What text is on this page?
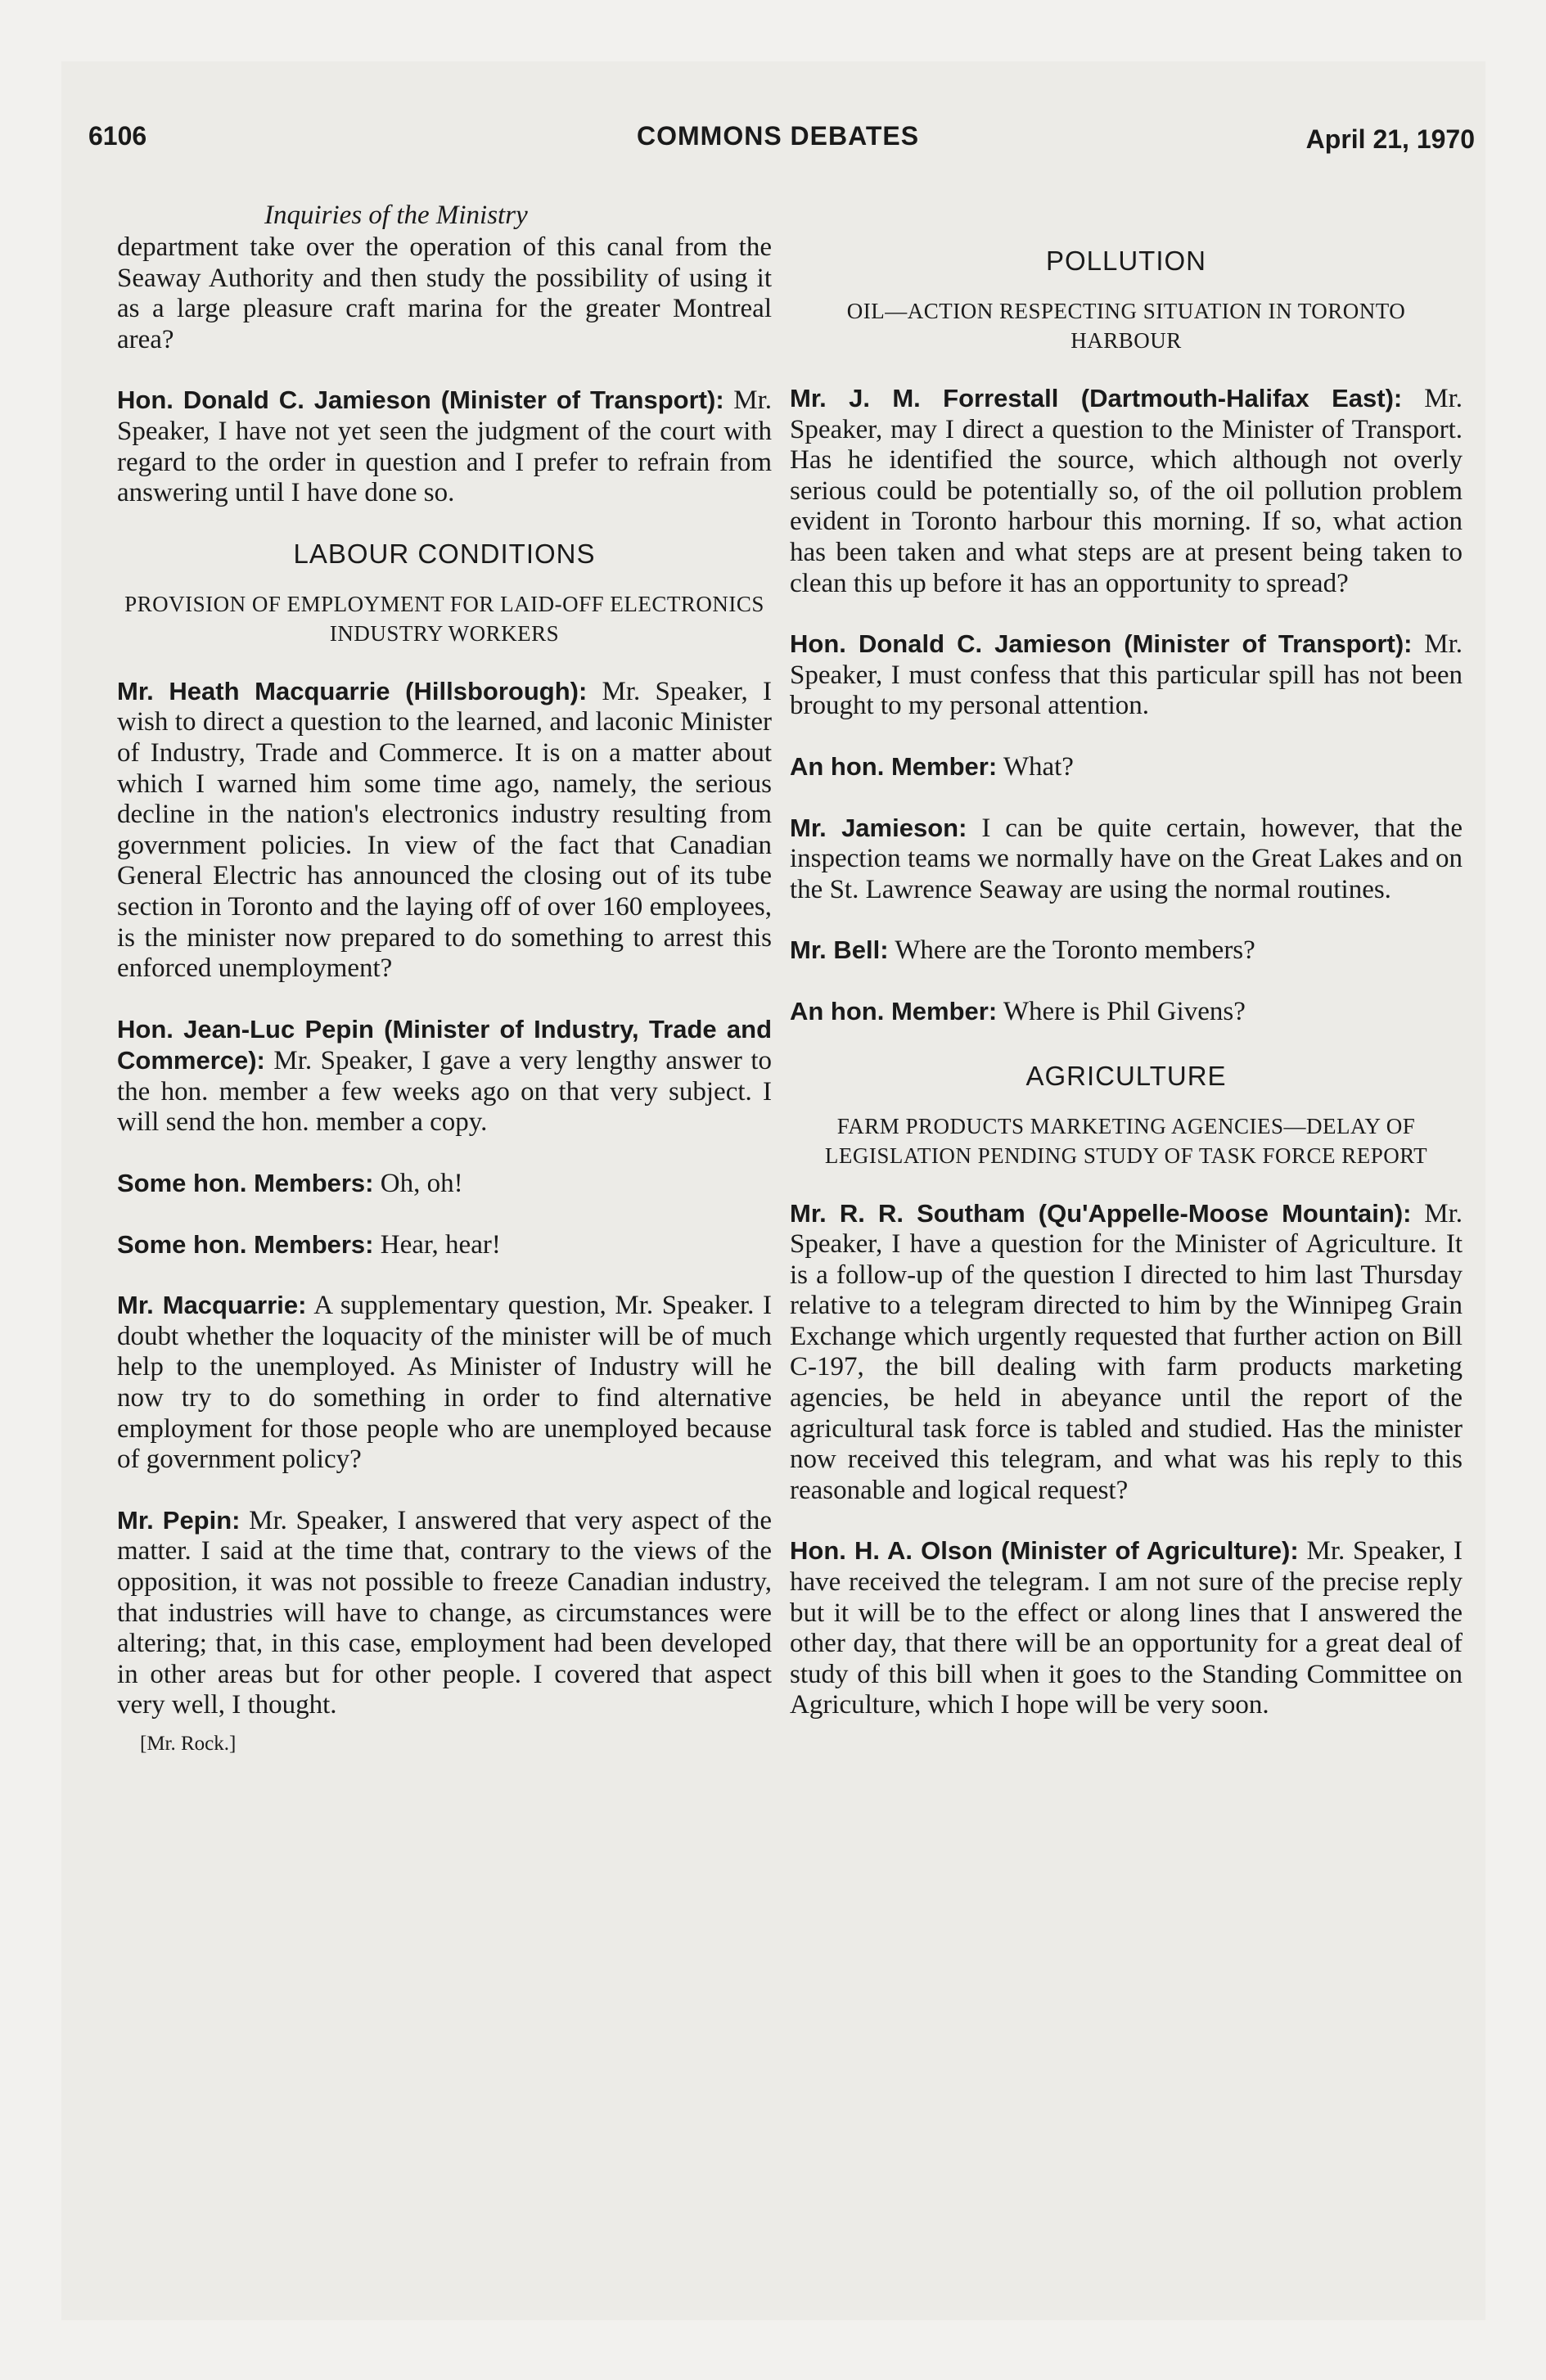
6106	COMMONS DEBATES	April 21, 1970
Inquiries of the Ministry

department take over the operation of this canal from the Seaway Authority and then study the possibility of using it as a large pleasure craft marina for the greater Montreal area?

Hon. Donald C. Jamieson (Minister of Transport): Mr. Speaker, I have not yet seen the judgment of the court with regard to the order in question and I prefer to refrain from answering until I have done so.

LABOUR CONDITIONS
PROVISION OF EMPLOYMENT FOR LAID-OFF ELECTRONICS INDUSTRY WORKERS

Mr. Heath Macquarrie (Hillsborough): Mr. Speaker, I wish to direct a question to the learned, and laconic Minister of Industry, Trade and Commerce. It is on a matter about which I warned him some time ago, namely, the serious decline in the nation's electronics industry resulting from government policies. In view of the fact that Canadian General Electric has announced the closing out of its tube section in Toronto and the laying off of over 160 employees, is the minister now prepared to do something to arrest this enforced unemployment?

Hon. Jean-Luc Pepin (Minister of Industry, Trade and Commerce): Mr. Speaker, I gave a very lengthy answer to the hon. member a few weeks ago on that very subject. I will send the hon. member a copy.

Some hon. Members: Oh, oh!

Some hon. Members: Hear, hear!

Mr. Macquarrie: A supplementary question, Mr. Speaker. I doubt whether the loquacity of the minister will be of much help to the unemployed. As Minister of Industry will he now try to do something in order to find alternative employment for those people who are unemployed because of government policy?

Mr. Pepin: Mr. Speaker, I answered that very aspect of the matter. I said at the time that, contrary to the views of the opposition, it was not possible to freeze Canadian industry, that industries will have to change, as circumstances were altering; that, in this case, employment had been developed in other areas but for other people. I covered that aspect very well, I thought.

[Mr. Rock.]
POLLUTION
OIL—ACTION RESPECTING SITUATION IN TORONTO HARBOUR

Mr. J. M. Forrestall (Dartmouth-Halifax East): Mr. Speaker, may I direct a question to the Minister of Transport. Has he identified the source, which although not overly serious could be potentially so, of the oil pollution problem evident in Toronto harbour this morning. If so, what action has been taken and what steps are at present being taken to clean this up before it has an opportunity to spread?

Hon. Donald C. Jamieson (Minister of Transport): Mr. Speaker, I must confess that this particular spill has not been brought to my personal attention.

An hon. Member: What?

Mr. Jamieson: I can be quite certain, however, that the inspection teams we normally have on the Great Lakes and on the St. Lawrence Seaway are using the normal routines.

Mr. Bell: Where are the Toronto members?

An hon. Member: Where is Phil Givens?

AGRICULTURE
FARM PRODUCTS MARKETING AGENCIES—DELAY OF LEGISLATION PENDING STUDY OF TASK FORCE REPORT

Mr. R. R. Southam (Qu'Appelle-Moose Mountain): Mr. Speaker, I have a question for the Minister of Agriculture. It is a follow-up of the question I directed to him last Thursday relative to a telegram directed to him by the Winnipeg Grain Exchange which urgently requested that further action on Bill C-197, the bill dealing with farm products marketing agencies, be held in abeyance until the report of the agricultural task force is tabled and studied. Has the minister now received this telegram, and what was his reply to this reasonable and logical request?

Hon. H. A. Olson (Minister of Agriculture): Mr. Speaker, I have received the telegram. I am not sure of the precise reply but it will be to the effect or along lines that I answered the other day, that there will be an opportunity for a great deal of study of this bill when it goes to the Standing Committee on Agriculture, which I hope will be very soon.
